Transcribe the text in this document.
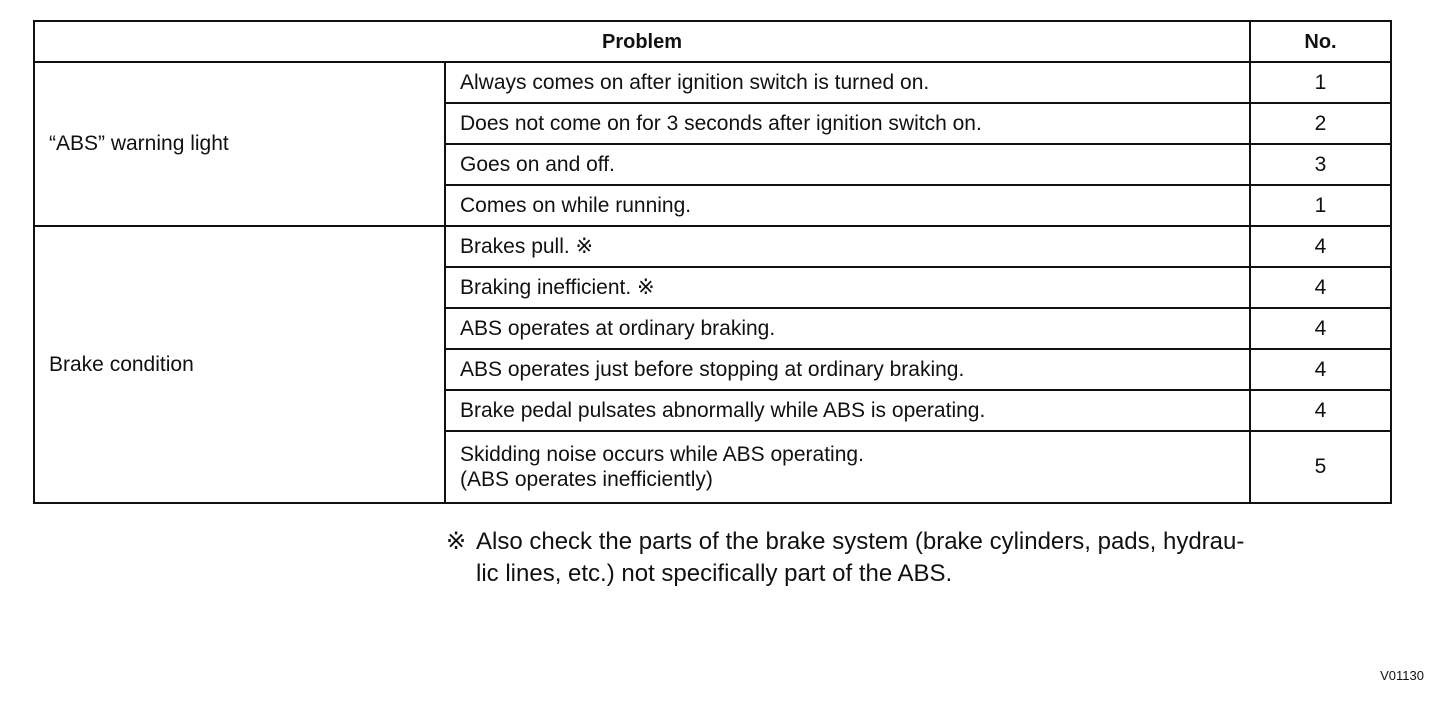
Problem		No.
“ABS” warning light	Always comes on after ignition switch is turned on.	1

	Does not come on for 3 seconds after ignition switch on.	2

	Goes on and off.	3

	Comes on while running.	1
Brake condition	Brakes pull. ※	4

	Braking inefficient. ※	4

	ABS operates at ordinary braking.	4

	ABS operates just before stopping at ordinary braking.	4

	Brake pedal pulsates abnormally while ABS is operating.	4

	Skidding noise occurs while ABS operating.
(ABS operates inefficiently)	5
※ Also check the parts of the brake system (brake cylinders, pads, hydrau-
lic lines, etc.) not specifically part of the ABS.
V01130
